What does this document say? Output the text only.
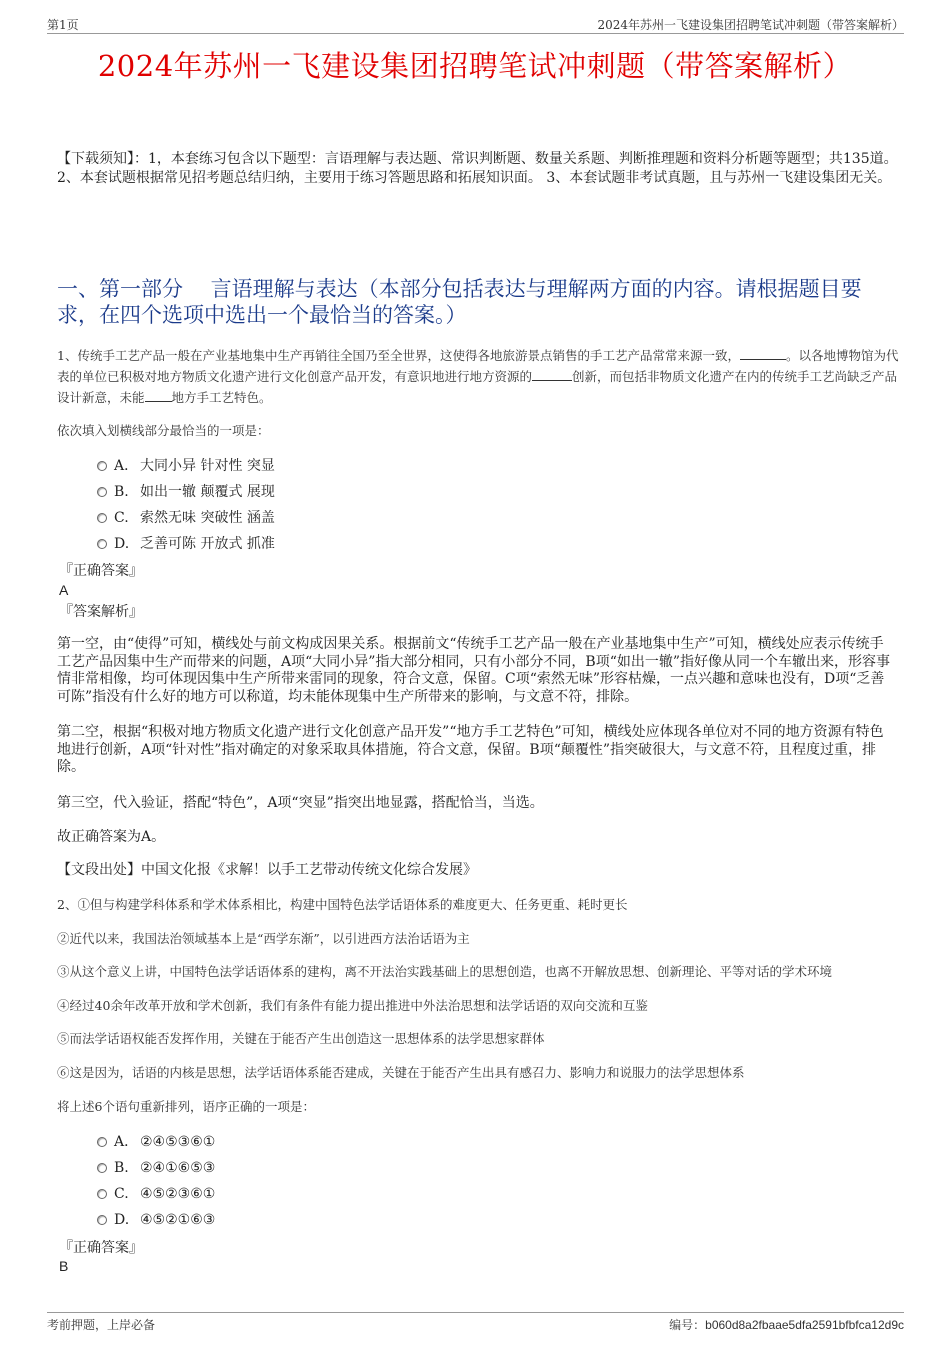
第1页	2024年苏州一飞建设集团招聘笔试冲刺题（带答案解析）
2024年苏州一飞建设集团招聘笔试冲刺题（带答案解析）
【下载须知】：1，本套练习包含以下题型：言语理解与表达题、常识判断题、数量关系题、判断推理题和资料分析题等题型；共135道。 2、本套试题根据常见招考题总结归纳，主要用于练习答题思路和拓展知识面。 3、本套试题非考试真题，且与苏州一飞建设集团无关。
一、第一部分　 言语理解与表达（本部分包括表达与理解两方面的内容。请根据题目要求，在四个选项中选出一个最恰当的答案。）
1、传统手工艺产品一般在产业基地集中生产再销往全国乃至全世界，这使得各地旅游景点销售的手工艺产品常常来源一致，	。以各地博物馆为代表的单位已积极对地方物质文化遗产进行文化创意产品开发，有意识地进行地方资源的	创新，而包括非物质文化遗产在内的传统手工艺尚缺乏产品设计新意，未能 地方手工艺特色。
依次填入划横线部分最恰当的一项是：
A． 大同小异 针对性 突显
B. 如出一辙 颠覆式 展现
C. 索然无味 突破性 涵盖
D. 乏善可陈 开放式 抓准
『正确答案』
A
『答案解析』
第一空，由“使得”可知，横线处与前文构成因果关系。根据前文“传统手工艺产品一般在产业基地集中生产”可知，横线处应表示传统手工艺产品因集中生产而带来的问题，A项“大同小异”指大部分相同，只有小部分不同，B项“如出一辙”指好像从同一个车辙出来，形容事情非常相像，均可体现因集中生产所带来雷同的现象，符合文意，保留。C项“索然无味”形容枯燥，一点兴趣和意味也没有，D项“乏善可陈”指没有什么好的地方可以称道，均未能体现集中生产所带来的影响，与文意不符，排除。
第二空，根据“积极对地方物质文化遗产进行文化创意产品开发”“地方手工艺特色”可知，横线处应体现各单位对不同的地方资源有特色地进行创新，A项“针对性”指对确定的对象采取具体措施，符合文意，保留。B项“颠覆性”指突破很大，与文意不符，且程度过重，排除。
第三空，代入验证，搭配“特色”，A项“突显”指突出地显露，搭配恰当，当选。
故正确答案为A。
【文段出处】中国文化报《求解！以手工艺带动传统文化综合发展》
2、①但与构建学科体系和学术体系相比，构建中国特色法学话语体系的难度更大、任务更重、耗时更长
②近代以来，我国法治领域基本上是“西学东渐”，以引进西方法治话语为主
③从这个意义上讲，中国特色法学话语体系的建构，离不开法治实践基础上的思想创造，也离不开解放思想、创新理论、平等对话的学术环境
④经过40余年改革开放和学术创新，我们有条件有能力提出推进中外法治思想和法学话语的双向交流和互鉴
⑤而法学话语权能否发挥作用，关键在于能否产生出创造这一思想体系的法学思想家群体
⑥这是因为，话语的内核是思想，法学话语体系能否建成，关键在于能否产生出具有感召力、影响力和说服力的法学思想体系
将上述6个语句重新排列，语序正确的一项是：
A． ②④⑤③⑥①
B. ②④①⑥⑤③
C. ④⑤②③⑥①
D. ④⑤②①⑥③
『正确答案』
B
考前押题，上岸必备	编号：b060d8a2fbaae5dfa2591bfbfca12d9c
